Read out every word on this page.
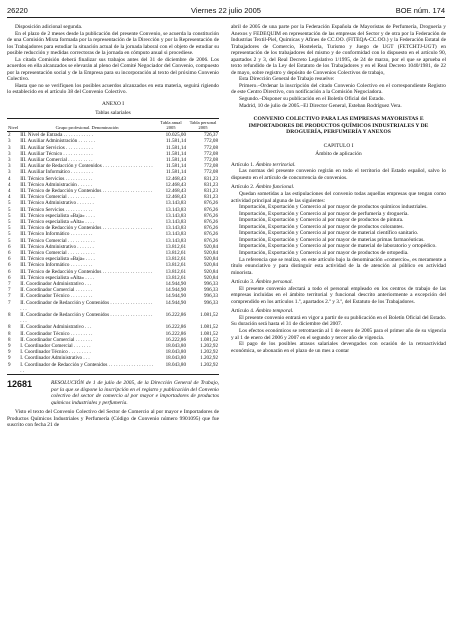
26220	Viernes 22 julio 2005	BOE núm. 174

Disposición adicional segunda.

En el plazo de 2 meses desde la publicación del presente Convenio, se acuerda la constitución de una Comisión Mixta formada por la representación de la Dirección y por la Representación de los Trabajadores para estudiar la situación actual de la jornada laboral con el objeto de estudiar su posible reducción y medidas correctoras de la jornada en cómputo anual si procediese.

La citada Comisión deberá finalizar sus trabajos antes del 31 de diciembre de 2006. Los acuerdos en ella alcanzados se elevarán al pleno del Comité Negociador del Convenio, compuesto por la representación social y de la Empresa para su incorporación al texto del próximo Convenio Colectivo.

Hasta que no se verifiquen los posibles acuerdos alcanzados en esta materia, seguirá rigiendo lo establecido en el artículo 38 del Convenio Colectivo.

ANEXO I

Tablas salariales

Nivel	Grupo profesional. Denominación	Tabla anual 2005	Tabla personal 2005
2	III. Nivel de Entrada . . . . . . . . . . . .	10.025,00	726,37
3	III. Auxiliar Administración . . . . . . .	11.581,14	772,08
3	III. Auxiliar Servicios . . . . . . . . . . .	11.581,14	772,08
3	III. Auxiliar Técnico . . . . . . . . . . . .	11.581,14	772,08
3	III. Auxiliar Comercial . . . . . . . . . .	11.581,14	772,08
3	III. Auxiliar de Redacción y Contenidos . . . . . . . . . . . . . . . . . . . .	11.581,14	772,08
3	III. Auxiliar Informático . . . . . . . . .	11.581,14	772,08
4	III. Técnico Servicios . . . . . . . . . . .	12.468,43	831,23
4	III. Técnico Administración . . . . . .	12.468,43	831,23
4	III. Técnico de Redacción y Contenidos . . . . . . . . . . . . . . . . . . . .	12.468,43	831,23
4	III. Técnico Comercial . . . . . . . . . . .	12.468,43	831,23
5	III. Técnico Administrativo . . . . . . .	13.143,83	876,26
5	III. Técnico Servicios . . . . . . . . . . .	13.143,83	876,26
5	III. Técnico especialista «Baja» . . . .	13.143,83	876,26
5	III. Técnico especialista «Alta» . . . .	13.143,83	876,26
5	III. Técnico de Redacción y Contenidos . . . . . . . . . . . . . . . . . . . .	13.143,83	876,26
5	III. Técnico Informático . . . . . . . . .	13.143,83	876,26
5	III. Técnico Comercial . . . . . . . . . . .	13.143,83	876,26
6	III. Técnico Administrativo . . . . . . .	13.812,61	920,84
6	III. Técnico Comercial . . . . . . . . . . .	13.812,61	920,84
6	III. Técnico especialista «Baja» . . . .	13.812,61	920,84
6	III. Técnico Informático . . . . . . . . .	13.812,61	920,84
6	III. Técnico de Redacción y Contenidos . . . . . . . . . . . . . . . . . . . .	13.812,61	920,84
6	III. Técnico especialista «Alta» . . . .	13.812,61	920,84
7	II. Coordinador Administrativo . . .	14.944,90	996,33
7	II. Coordinador Comercial . . . . . . .	14.944,90	996,33
7	II. Coordinador Técnico . . . . . . . . .	14.944,90	996,33
7	II. Coordinador de Redacción y Contenidos . . . . . . . . . . . . . . . . . . . .	14.944,90	996,33
8	II. Coordinador de Redacción y Contenidos . . . . . . . . . . . . . . . . . . . .	16.222,86	1.081,52
8	II. Coordinador Administrativo . . .	16.222,86	1.081,52
8	II. Coordinador Técnico . . . . . . . . .	16.222,86	1.081,52
8	II. Coordinador Comercial . . . . . . .	16.222,86	1.081,52
9	I. Coordinador Comercial . . . . . . .	18.043,80	1.202,92
9	I. Coordinador Técnico . . . . . . . . .	18.043,80	1.202,92
9	I. Coordinador Administrativo . . .	18.043,80	1.202,92
9	I. Coordinador de Redacción y Contenidos . . . . . . . . . . . . . . . . . . . .	18.043,80	1.202,92
12681	RESOLUCIÓN de 1 de julio de 2005, de la Dirección General de Trabajo, por la que se dispone la inscripción en el registro y publicación del Convenio colectivo del sector de comercio al por mayor e importadores de productos químicos industriales y perfumería.

Visto el texto del Convenio Colectivo del Sector de Comercio al por mayor e Importadores de Productos Químicos Industriales y Perfumería (Código de Convenio número 9901095) que fue suscrito con fecha 21 de

abril de 2005 de una parte por la Federación Española de Mayoristas de Perfumería, Droguería y Anexos y FEDEQUIM en representación de las empresas del Sector y de otra por la Federación de Industrias Textil-Piel, Químicas y Afines de CC.OO. (FITEQA-CC.OO.) y la Federación Estatal de Trabajadores de Comercio, Hostelería, Turismo y Juego de UGT (FETCHTJ-UGT) en representación de los trabajadores del mismo y de conformidad con lo dispuesto en el artículo 90, apartados 2 y 3, del Real Decreto Legislativo 1/1995, de 24 de marzo, por el que se aprueba el texto refundido de la Ley del Estatuto de los Trabajadores y en el Real Decreto 1040/1981, de 22 de mayo, sobre registro y depósito de Convenios Colectivos de trabajo,

Esta Dirección General de Trabajo resuelve:

Primero.–Ordenar la inscripción del citado Convenio Colectivo en el correspondiente Registro de este Centro Directivo, con notificación a la Comisión Negociadora.

Segundo.–Disponer su publicación en el Boletín Oficial del Estado.

Madrid, 10 de julio de 2005.–El Director General, Esteban Rodríguez Vera.

CONVENIO COLECTIVO PARA LAS EMPRESAS MAYORISTAS E IMPORTADORES DE PRODUCTOS QUÍMICOS INDUSTRIALES Y DE DROGUERÍA, PERFUMERÍA Y ANEXOS

CAPITULO I

Ámbito de aplicación

Artículo 1. Ámbito territorial.

Las normas del presente convenio regirán en todo el territorio del Estado español, salvo lo dispuesto en el artículo de concurrencia de convenios.

Artículo 2. Ámbito funcional.

Quedan sometidas a las estipulaciones del convenio todas aquellas empresas que tengan como actividad principal alguna de las siguientes:

Importación, Exportación y Comercio al por mayor de productos químicos industriales.

Importación, Exportación y Comercio al por mayor de perfumería y droguería.

Importación, Exportación y Comercio al por mayor de productos de pintura.

Importación, Exportación y Comercio al por mayor de productos colorantes.

Importación, Exportación y Comercio al por mayor de material científico sanitario.

Importación, Exportación y Comercio al por mayor de materias primas farmacéuticas.

Importación, Exportación y Comercio al por mayor de material de laboratorio y ortopédico.

Importación, Exportación y Comercio al por mayor de productos de ortopedia.

La referencia que se realiza, en este artículo bajo la denominación «comercio», es meramente a título enunciativo y para distinguir esta actividad de la de atención al público en actividad minorista.

Artículo 3. Ámbito personal.

El presente convenio afectará a todo el personal empleado en los centros de trabajo de las empresas incluidas en el ámbito territorial y funcional descrito anteriormente a excepción del comprendido en los artículos 1.º, apartados 2.º y 3.º, del Estatuto de los Trabajadores.

Artículo 4. Ámbito temporal.

El presente convenio entrará en vigor a partir de su publicación en el Boletín Oficial del Estado. Su duración será hasta el 31 de diciembre del 2007.

Los efectos económicos se retrotraerán al 1 de enero de 2005 para el primer año de su vigencia y al 1 de enero del 2006 y 2007 en el segundo y tercer año de vigencia.

El pago de los posibles atrasos salariales devengados con ocasión de la retroactividad económica, se abonarán en el plazo de un mes a contar
